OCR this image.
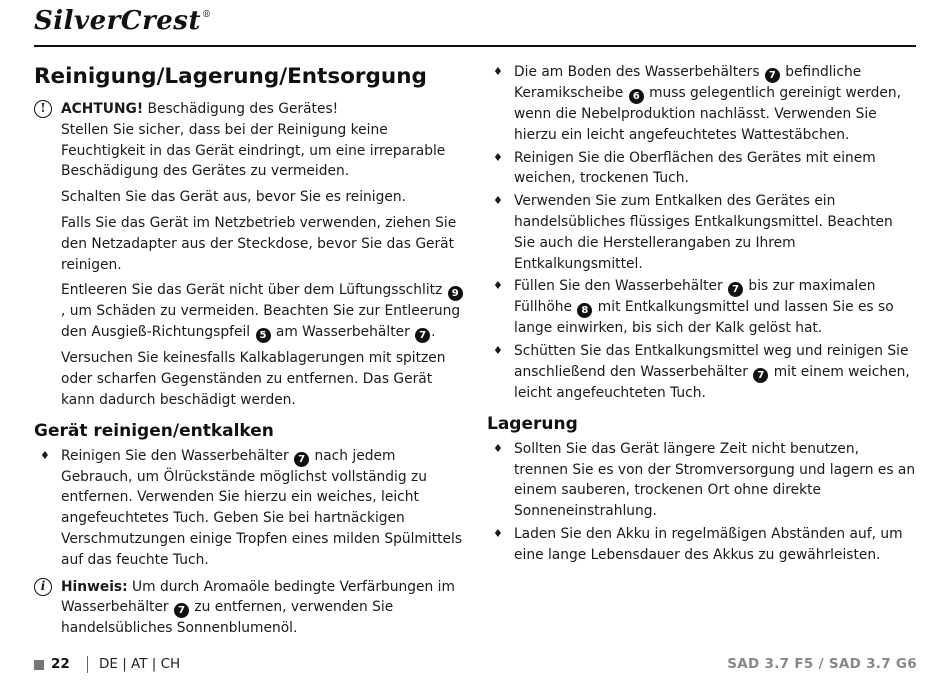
SilverCrest®
Reinigung/Lagerung/Entsorgung
!	ACHTUNG! Beschädigung des Gerätes!
Stellen Sie sicher, dass bei der Reinigung keine Feuchtigkeit in das Gerät eindringt, um eine irreparable Beschädigung des Gerätes zu vermeiden.

Schalten Sie das Gerät aus, bevor Sie es reinigen.

Falls Sie das Gerät im Netzbetrieb verwenden, ziehen Sie den Netzadapter aus der Steckdose, bevor Sie das Gerät reinigen.

Entleeren Sie das Gerät nicht über dem Lüftungsschlitz 9, um Schäden zu vermeiden. Beachten Sie zur Entleerung den Ausgieß-Richtungspfeil 5 am Wasserbehälter 7 .

Versuchen Sie keinesfalls Kalkablagerungen mit spitzen oder scharfen Gegenständen zu entfernen. Das Gerät kann dadurch beschädigt werden.

Gerät reinigen/entkalken
♦ Reinigen Sie den Wasserbehälter 7 nach jedem Gebrauch, um Ölrückstände möglichst vollständig zu entfernen. Verwenden Sie hierzu ein weiches, leicht angefeuchtetes Tuch. Geben Sie bei hartnäckigen Verschmutzungen einige Tropfen eines milden Spülmittels auf das feuchte Tuch.

i	Hinweis: Um durch Aromaöle bedingte Verfärbungen im Wasserbehälter 7 zu entfernen, verwenden Sie handelsübliches Sonnenblumenöl.

♦ Die am Boden des Wasserbehälters 7 befindliche Keramikscheibe 6 muss gelegentlich gereinigt werden, wenn die Nebelproduktion nachlässt. Verwenden Sie hierzu ein leicht angefeuchtetes Wattestäbchen.

♦ Reinigen Sie die Oberflächen des Gerätes mit einem weichen, trockenen Tuch.

♦ Verwenden Sie zum Entkalken des Gerätes ein handelsübliches flüssiges Entkalkungsmittel. Beachten Sie auch die Herstellerangaben zu Ihrem Entkalkungsmittel.

♦ Füllen Sie den Wasserbehälter 7 bis zur maximalen Füllhöhe 8 mit Entkalkungsmittel und lassen Sie es so lange einwirken, bis sich der Kalk gelöst hat.

♦ Schütten Sie das Entkalkungsmittel weg und reinigen Sie anschließend den Wasserbehälter 7 mit einem weichen, leicht angefeuchteten Tuch.

Lagerung
♦ Sollten Sie das Gerät längere Zeit nicht benutzen, trennen Sie es von der Stromversorgung und lagern es an einem sauberen, trockenen Ort ohne direkte Sonneneinstrahlung.

♦ Laden Sie den Akku in regelmäßigen Abständen auf, um eine lange Lebensdauer des Akkus zu gewährleisten.

22 DE | AT | CH	SAD 3.7 F5 / SAD 3.7 G6
